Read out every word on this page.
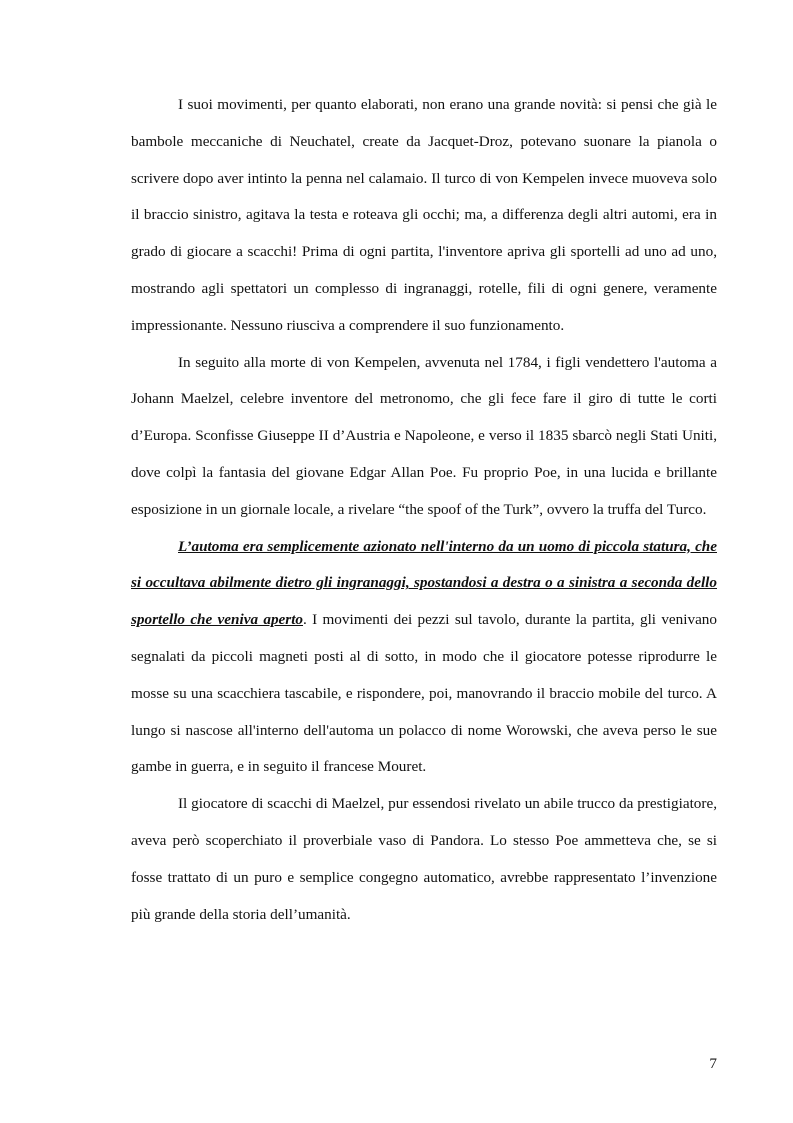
I suoi movimenti, per quanto elaborati, non erano una grande novità: si pensi che già le bambole meccaniche di Neuchatel, create da Jacquet-Droz, potevano suonare la pianola o scrivere dopo aver intinto la penna nel calamaio. Il turco di von Kempelen invece muoveva solo il braccio sinistro, agitava la testa e roteava gli occhi; ma, a differenza degli altri automi, era in grado di giocare a scacchi! Prima di ogni partita, l'inventore apriva gli sportelli ad uno ad uno, mostrando agli spettatori un complesso di ingranaggi, rotelle, fili di ogni genere, veramente impressionante. Nessuno riusciva a comprendere il suo funzionamento.

In seguito alla morte di von Kempelen, avvenuta nel 1784, i figli vendettero l'automa a Johann Maelzel, celebre inventore del metronomo, che gli fece fare il giro di tutte le corti d’Europa. Sconfisse Giuseppe II d’Austria e Napoleone, e verso il 1835 sbarcò negli Stati Uniti, dove colpì la fantasia del giovane Edgar Allan Poe. Fu proprio Poe, in una lucida e brillante esposizione in un giornale locale, a rivelare “the spoof of the Turk”, ovvero la truffa del Turco.

L’automa era semplicemente azionato nell'interno da un uomo di piccola statura, che si occultava abilmente dietro gli ingranaggi, spostandosi a destra o a sinistra a seconda dello sportello che veniva aperto. I movimenti dei pezzi sul tavolo, durante la partita, gli venivano segnalati da piccoli magneti posti al di sotto, in modo che il giocatore potesse riprodurre le mosse su una scacchiera tascabile, e rispondere, poi, manovrando il braccio mobile del turco. A lungo si nascose all'interno dell'automa un polacco di nome Worowski, che aveva perso le sue gambe in guerra, e in seguito il francese Mouret.

Il giocatore di scacchi di Maelzel, pur essendosi rivelato un abile trucco da prestigiatore, aveva però scoperchiato il proverbiale vaso di Pandora. Lo stesso Poe ammetteva che, se si fosse trattato di un puro e semplice congegno automatico, avrebbe rappresentato l’invenzione più grande della storia dell’umanità.

7
